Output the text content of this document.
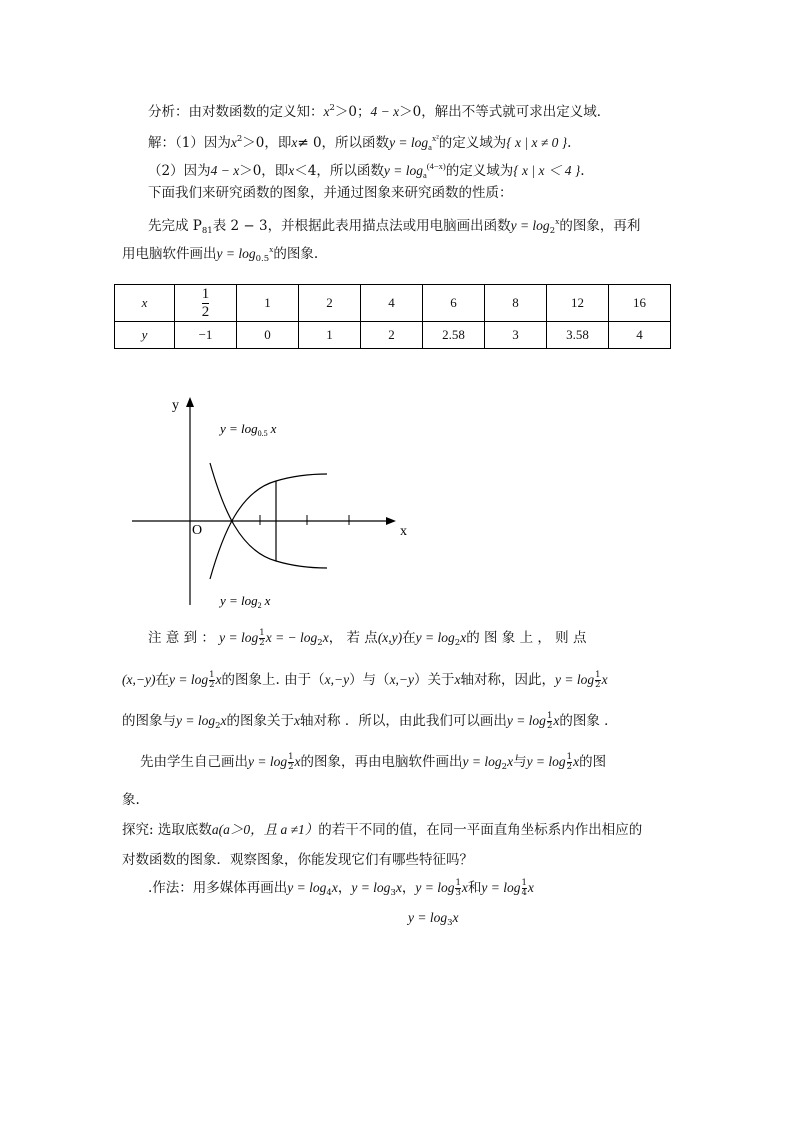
分析：由对数函数的定义知：$x^2>0$；4 − x＞0，解出不等式就可求出定义域．
解：（1）因为$x^2>0$，即x≠ 0，所以函数$y = \log_a^{x^2}$的定义域为{ x | x ≠ 0 }.
（2）因为4 − x＞0，即x＜4，所以函数$y = \log_a^{(4-x)}$的定义域为{ x | x ＜ 4 }.
下面我们来研究函数的图象，并通过图象来研究函数的性质：
先完成 $P_{81}$表 2 − 3，并根据此表用描点法或用电脑画出函数$y = \log_2^x$的图象，再利
用电脑软件画出$y = \log_{0.5}^x$的图象.
x	$\frac{1}{2}$	1	2	4	6	8	12	16
y	−1	0	1	2	2.58	3	3.58	4
y
x
O
$y = \log_{0.5} x$
$y = \log_2 x$
注 意 到 ： $y = \log \frac{1}{2}$ x = − $\log_2x$， 若 点(x,y)在$y = \log_2x$的 图 象 上 ， 则 点
(x,−y)在$y = \log \frac{1}{2}$ x的图象上. 由于（x,−y）与（x,−y）关于x轴对称，因此，$y = \log \frac{1}{2}$ x
的图象与$y = \log_2x$的图象关于x轴对称 ．所以，由此我们可以画出$y = \log \frac{1}{2}$ x的图象 ．
先由学生自己画出$y = \log \frac{1}{2}$ x的图象，再由电脑软件画出$y = \log_2x$与$y = \log \frac{1}{2}$ x的图
象.
探究: 选取底数a(a＞0，且 a ≠1）的若干不同的值，在同一平面直角坐标系内作出相应的
对数函数的图象．观察图象，你能发现它们有哪些特征吗？
.作法：用多媒体再画出$y = \log_4x$，$y = \log_3x$，$y = \log \frac{1}{3}$ x和$y = \log \frac{1}{4}$ x
$y = \log_3x$
